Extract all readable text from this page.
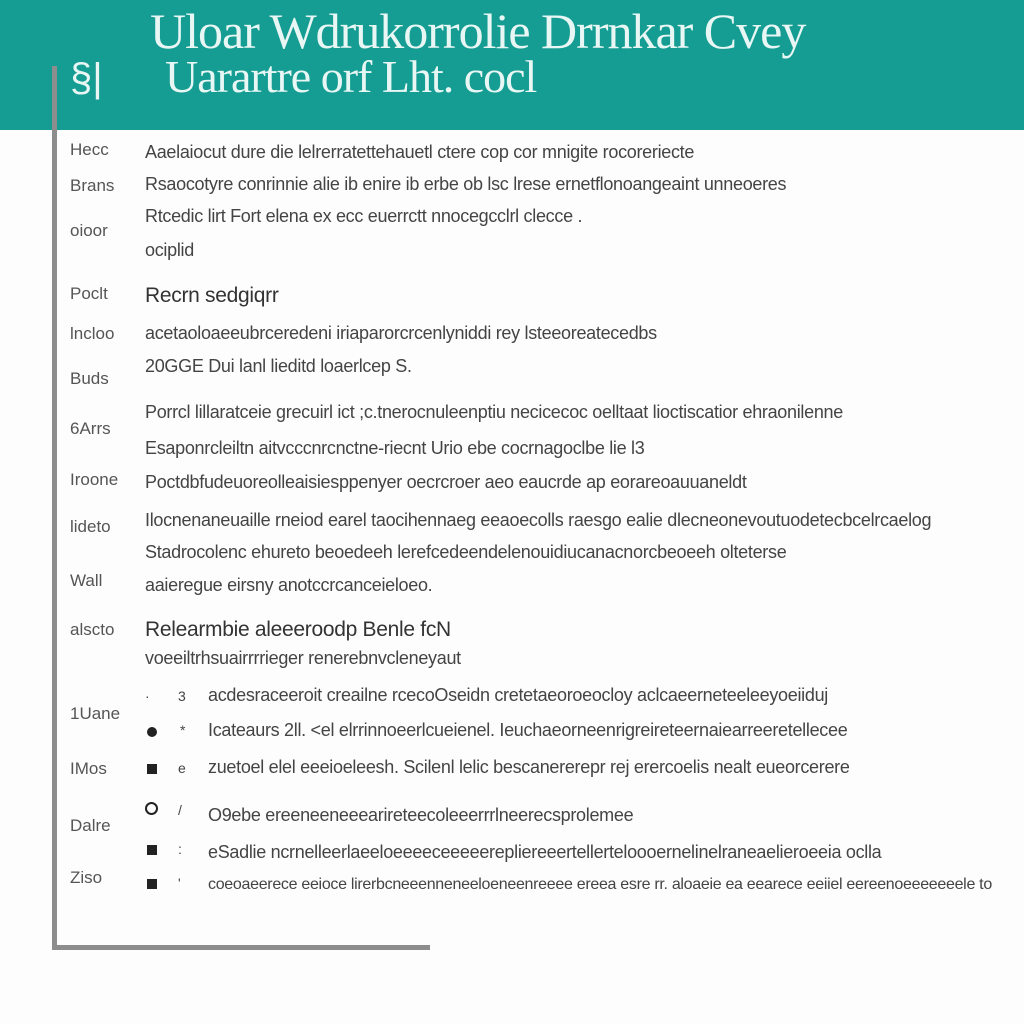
Uloar Wdrukorrolie Drrnkar Cvey
Uarartre orf Lht. cocl
§|
Hecc
Brans
oioor
Poclt
lncloo
Buds
6Arrs
Iroone
lideto
Wall
alscto
1Uane
IMos
Dalre
Ziso
Aaelaiocut dure die lelrerratettehauetl ctere cop cor mnigite rocoreriecte
Rsaocotyre conrinnie alie ib enire ib erbe ob lsc lrese ernetflonoangeaint unneoeres
Rtcedic lirt Fort elena ex ecc euerrctt nnocegcclrl clecce .
ociplid
Recrn sedgiqrr
acetaoloaeeubrceredeni iriaparorcrcenlyniddi rey lsteeoreatecedbs
20GGE Dui lanl lieditd loaerlcep S.
Porrcl lillaratceie grecuirl ict ;c.tnerocnuleenptiu necicecoc oelltaat lioctiscatior ehraonilenne
Esaponrcleiltn aitvcccnrcnctne-riecnt Urio ebe cocrnagoclbe lie l3
Poctdbfudeuoreolleaisiesppenyer oecrcroer aeo eaucrde ap eorareoauuaneldt
Ilocnenaneuaille rneiod earel taocihennaeg eeaoecolls raesgo ealie dlecneonevoutuodetecbcelrcaelog
Stadrocolenc ehureto beoedeeh lerefcedeendelenouidiucanacnorcbeoeeh olteterse
aaieregue eirsny anotccrcanceieloeo.
Relearmbie aleeeroodp Benle fcN
voeeiltrhsuairrrrieger renerebnvcleneyaut
· 3 acdesraceeroit creailne rcecoOseidn cretetaeoroeocloy aclcaeerneteeleeyoeiiduj
* Icateaurs 2ll. <el elrrinnoeerlcueienel. Ieuchaeorneenrigreireteernaiearreeretellecee
e zuetoel elel eeeioeleesh. Scilenl lelic bescanererepr rej erercoelis nealt eueorcerere
/ O9ebe ereeneeneeearireteecoleeerrrlneerecsprolemee
: eSadlie ncrnelleerlaeeloeeeeceeeeerepliereeertellerteloooernelinelraneaelieroeeia oclla
' coeoaeerece eeioce lirerbcneeenneneeloeneenreeee ereea esre rr. aloaeie ea eearece eeiiel eereenoeeeeeeele to
